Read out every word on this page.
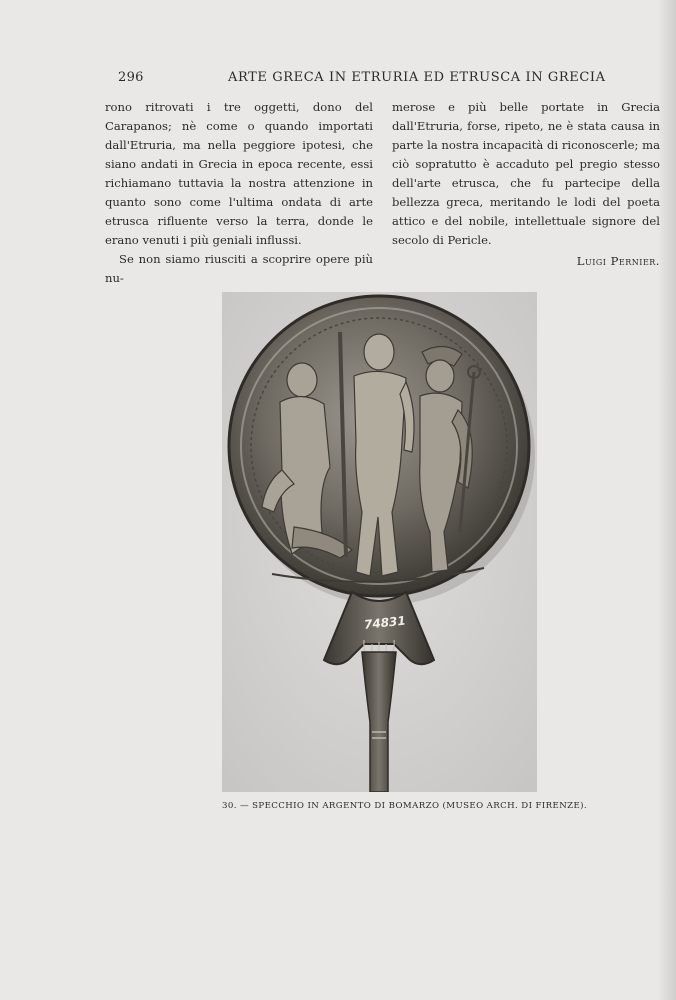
296	ARTE GRECA IN ETRURIA ED ETRUSCA IN GRECIA

rono ritrovati i tre oggetti, dono del Carapanos; nè come o quando importati dall'Etruria, ma nella peggiore ipotesi, che siano andati in Grecia in epoca recente, essi richiamano tuttavia la nostra attenzione in quanto sono come l'ultima ondata di arte etrusca rifluente verso la terra, donde le erano venuti i più geniali influssi.

Se non siamo riusciti a scoprire opere più nu-

merose e più belle portate in Grecia dall'Etruria, forse, ripeto, ne è stata causa in parte la nostra incapacità di riconoscerle; ma ciò sopratutto è accaduto pel pregio stesso dell'arte etrusca, che fu partecipe della bellezza greca, meritando le lodi del poeta attico e del nobile, intellettuale signore del secolo di Pericle.

Luigi Pernier.
74831
30. — SPECCHIO IN ARGENTO DI BOMARZO (MUSEO ARCH. DI FIRENZE).
